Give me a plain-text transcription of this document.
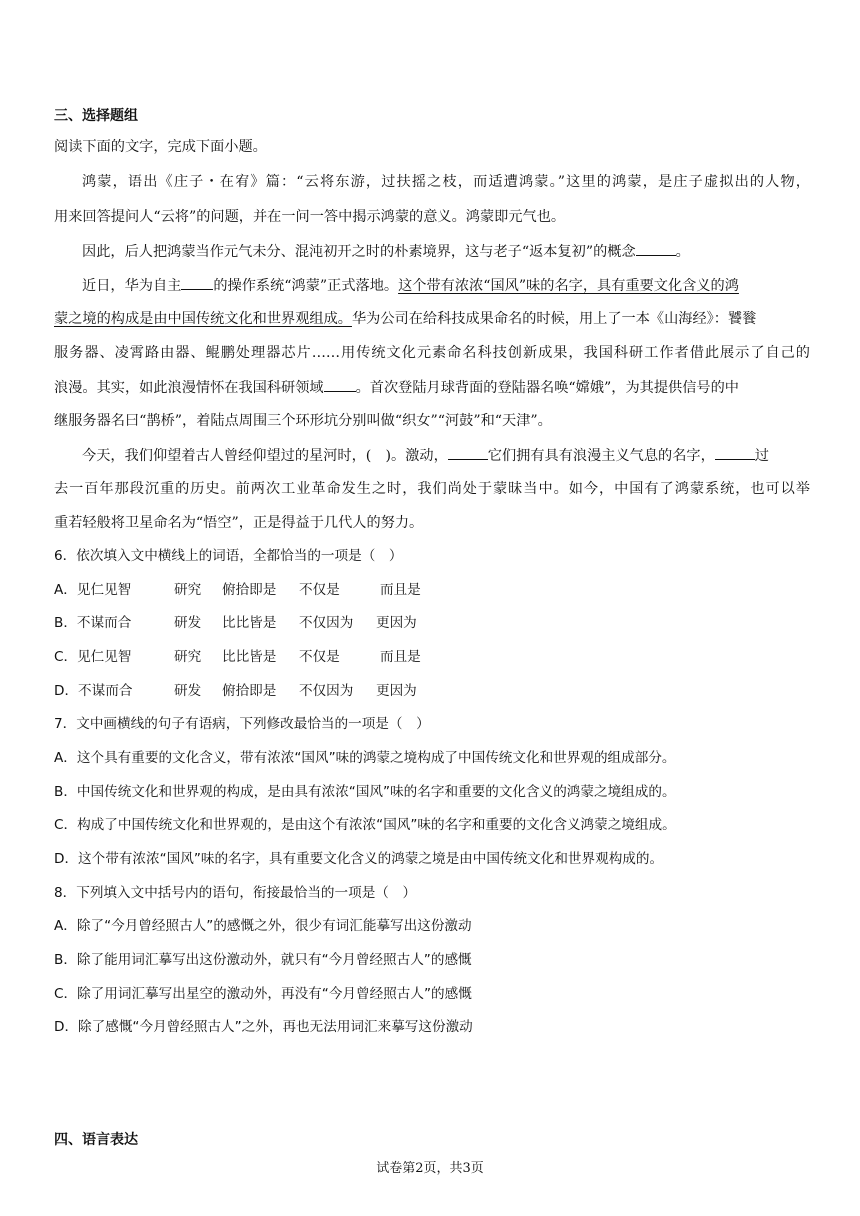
三、选择题组
阅读下面的文字，完成下面小题。
鸿蒙，语出《庄子・在宥》篇：“云将东游，过扶摇之枝，而适遭鸿蒙。”这里的鸿蒙，是庄子虚拟出的人物，
用来回答提问人“云将”的问题，并在一问一答中揭示鸿蒙的意义。鸿蒙即元气也。
因此，后人把鸿蒙当作元气未分、混沌初开之时的朴素境界，这与老子“返本复初”的概念	。
近日，华为自主 的操作系统“鸿蒙”正式落地。这个带有浓浓“国风”味的名字，具有重要文化含义的鸿
蒙之境的构成是由中国传统文化和世界观组成。华为公司在给科技成果命名的时候，用上了一本《山海经》：饕餮
服务器、凌霄路由器、鲲鹏处理器芯片……用传统文化元素命名科技创新成果，我国科研工作者借此展示了自己的
浪漫。其实，如此浪漫情怀在我国科研领域 。首次登陆月球背面的登陆器名唤“嫦娥”，为其提供信号的中
继服务器名曰“鹊桥”，着陆点周围三个环形坑分别叫做“织女”“河鼓”和“天津”。
今天，我们仰望着古人曾经仰望过的星河时，(　)。激动，	它们拥有具有浪漫主义气息的名字，	过
去一百年那段沉重的历史。前两次工业革命发生之时，我们尚处于蒙昧当中。如今，中国有了鸿蒙系统，也可以举
重若轻般将卫星命名为“悟空”，正是得益于几代人的努力。
6．依次填入文中横线上的词语，全都恰当的一项是（　）
A．见仁见智	研究 俯拾即是 不仅是	而且是
B．不谋而合	研发 比比皆是 不仅因为 更因为
C．见仁见智	研究 比比皆是 不仅是	而且是
D．不谋而合	研发 俯拾即是 不仅因为 更因为
7．文中画横线的句子有语病，下列修改最恰当的一项是（　）
A．这个具有重要的文化含义，带有浓浓“国风”味的鸿蒙之境构成了中国传统文化和世界观的组成部分。
B．中国传统文化和世界观的构成，是由具有浓浓“国风”味的名字和重要的文化含义的鸿蒙之境组成的。
C．构成了中国传统文化和世界观的，是由这个有浓浓“国风”味的名字和重要的文化含义鸿蒙之境组成。
D．这个带有浓浓“国风”味的名字，具有重要文化含义的鸿蒙之境是由中国传统文化和世界观构成的。
8．下列填入文中括号内的语句，衔接最恰当的一项是（　）
A．除了“今月曾经照古人”的感慨之外，很少有词汇能摹写出这份激动
B．除了能用词汇摹写出这份激动外，就只有“今月曾经照古人”的感慨
C．除了用词汇摹写出星空的激动外，再没有“今月曾经照古人”的感慨
D．除了感慨“今月曾经照古人”之外，再也无法用词汇来摹写这份激动
四、语言表达
试卷第2页，共3页
